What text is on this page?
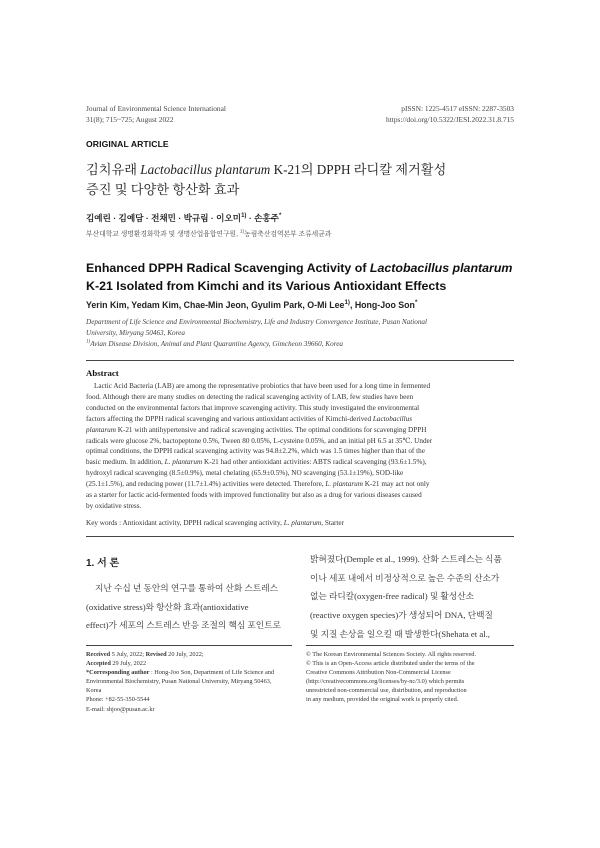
Journal of Environmental Science International
31(8); 715~725; August 2022
pISSN: 1225-4517 eISSN: 2287-3503
https://doi.org/10.5322/JESI.2022.31.8.715
ORIGINAL ARTICLE
김치유래 Lactobacillus plantarum K-21의 DPPH 라디칼 제거활성
증진 및 다양한 항산화 효과
김예린 · 김예담 · 전채민 · 박규림 · 이오미$^{1)}$ · 손홍주*
부산대학교 생명환경화학과 및 생명산업융합연구원, $^{1)}$농림축산검역본부 조류세균과
Enhanced DPPH Radical Scavenging Activity of Lactobacillus plantarum
K-21 Isolated from Kimchi and its Various Antioxidant Effects
Yerin Kim, Yedam Kim, Chae-Min Jeon, Gyulim Park, O-Mi Lee$^{1)}$, Hong-Joo Son*
Department of Life Science and Environmental Biochemistry, Life and Industry Convergence Institute, Pusan National
University, Miryang 50463, Korea
$^{1)}$Avian Disease Division, Animal and Plant Quarantine Agency, Gimcheon 39660, Korea
Abstract
Lactic Acid Bacteria (LAB) are among the representative probiotics that have been used for a long time in fermented
food. Although there are many studies on detecting the radical scavenging activity of LAB, few studies have been
conducted on the environmental factors that improve scavenging activity. This study investigated the environmental
factors affecting the DPPH radical scavenging and various antioxidant activities of Kimchi-derived Lactobacillus
plantarum K-21 with antihypertensive and radical scavenging activities. The optimal conditions for scavenging DPPH
radicals were glucose 2%, bactopeptone 0.5%, Tween 80 0.05%, L-cysteine 0.05%, and an initial pH 6.5 at 35℃. Under
optimal conditions, the DPPH radical scavenging activity was 94.8±2.2%, which was 1.5 times higher than that of the
basic medium. In addition, L. plantarum K-21 had other antioxidant activities: ABTS radical scavenging (93.6±1.5%),
hydroxyl radical scavenging (8.5±0.9%), metal chelating (65.9±0.5%), NO scavenging (53.1±19%), SOD-like
(25.1±1.5%), and reducing power (11.7±1.4%) activities were detected. Therefore, L. plantarum K-21 may act not only
as a starter for lactic acid-fermented foods with improved functionality but also as a drug for various diseases caused
by oxidative stress.
Key words : Antioxidant activity, DPPH radical scavenging activity, L. plantarum, Starter
1. 서 론
지난 수십 년 동안의 연구를 통하여 산화 스트레스
(oxidative stress)와 항산화 효과(antioxidative
effect)가 세포의 스트레스 반응 조절의 핵심 포인트로
밝혀졌다(Demple et al., 1999). 산화 스트레스는 식품
이나 세포 내에서 비정상적으로 높은 수준의 산소가
없는 라디칼(oxygen-free radical) 및 활성산소
(reactive oxygen species)가 생성되어 DNA, 단백질
및 지질 손상을 일으킬 때 발생한다(Shehata et al.,
Received 5 July, 2022; Revised 20 July, 2022;
Accepted 29 July, 2022
*Corresponding author : Hong-Joo Son, Department of Life Science and
Environmental Biochemistry, Pusan National University, Miryang 50463,
Korea
Phone: +82-55-350-5544
E-mail: shjoo@pusan.ac.kr
© The Korean Environmental Sciences Society. All rights reserved.
© This is an Open-Access article distributed under the terms of the
Creative Commons Attribution Non-Commercial License
(http://creativecommons.org/licenses/by-nc/3.0) which permits
unrestricted non-commercial use, distribution, and reproduction
in any medium, provided the original work is properly cited.
